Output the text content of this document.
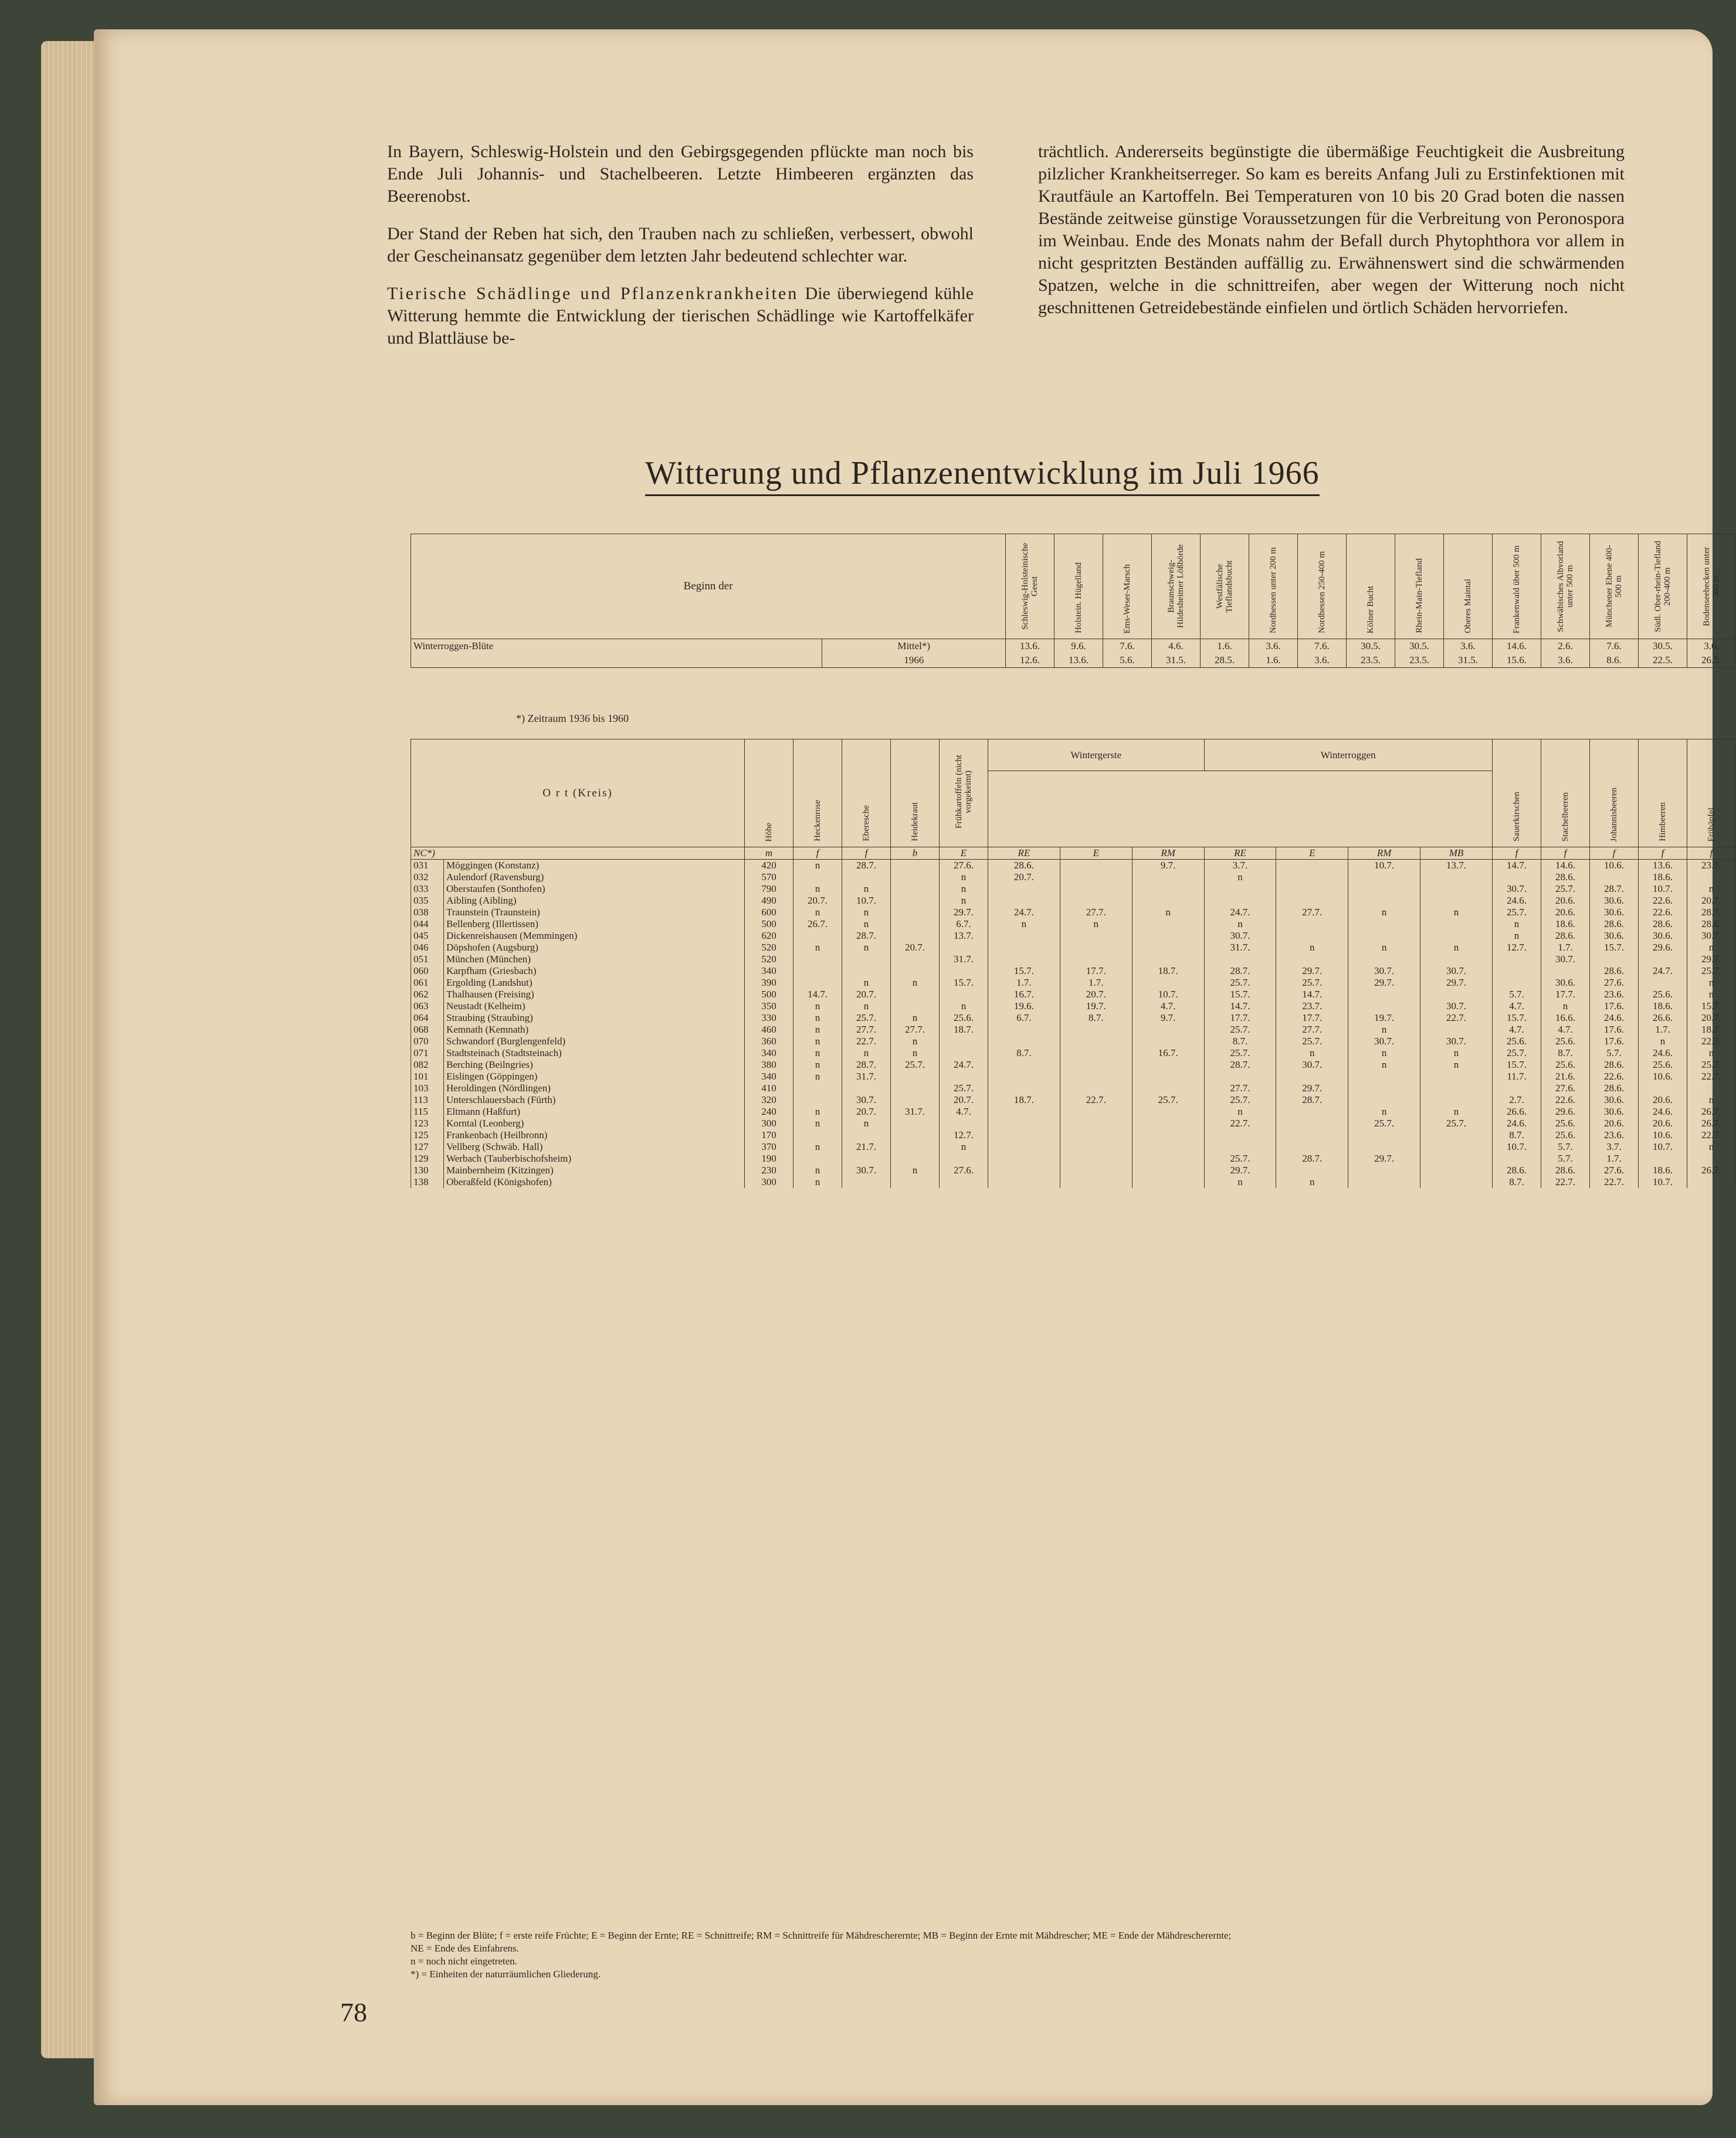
In Bayern, Schleswig-Holstein und den Gebirgsgegenden pflückte man noch bis Ende Juli Johannis- und Stachelbeeren. Letzte Himbeeren ergänzten das Beerenobst.

Der Stand der Reben hat sich, den Trauben nach zu schließen, verbessert, obwohl der Gescheinansatz gegenüber dem letzten Jahr bedeutend schlechter war.

Tierische Schädlinge und Pflanzenkrankheiten Die überwiegend kühle Witterung hemmte die Entwicklung der tierischen Schädlinge wie Kartoffelkäfer und Blattläuse be-

trächtlich. Andererseits begünstigte die übermäßige Feuchtigkeit die Ausbreitung pilzlicher Krankheitserreger. So kam es bereits Anfang Juli zu Erstinfektionen mit Krautfäule an Kartoffeln. Bei Temperaturen von 10 bis 20 Grad boten die nassen Bestände zeitweise günstige Voraussetzungen für die Verbreitung von Peronospora im Weinbau. Ende des Monats nahm der Befall durch Phytophthora vor allem in nicht gespritzten Beständen auffällig zu. Erwähnenswert sind die schwärmenden Spatzen, welche in die schnittreifen, aber wegen der Witterung noch nicht geschnittenen Getreidebestände einfielen und örtlich Schäden hervorriefen.

Witterung und Pflanzenentwicklung im Juli 1966
Beginn der		Schleswig-Holsteinische Geest	Holstein. Hügelland	Ems-Weser-Marsch	Braunschweig-Hildesheimer Lößbörde	Westfälische Tieflandsbucht	Nordhessen unter 200 m	Nordhessen 250-400 m	Kölner Bucht	Rhein-Main-Tiefland	Oberes Maintal	Frankenwald über 500 m	Schwäbisches Albvorland unter 500 m	Münchener Ebene 400-500 m	Südl. Ober-rhein-Tiefland 200-400 m	Bodenseebecken unter 500 m
Winterroggen-Blüte	Mittel*)	13.6.	9.6.	7.6.	4.6.	1.6.	3.6.	7.6.	30.5.	30.5.	3.6.	14.6.	2.6.	7.6.	30.5.	3.6.
	1966	12.6.	13.6.	5.6.	31.5.	28.5.	1.6.	3.6.	23.5.	23.5.	31.5.	15.6.	3.6.	8.6.	22.5.	26.5.
*) Zeitraum 1936 bis 1960
O r t (Kreis)		Höhe	Heckenrose	Eberesche	Heidekraut	Frühkartoffeln (nicht vorgekeimt)	Wintergerste			Winterroggen				Sauerkirschen	Stachelbeeren	Johannisbeeren	Himbeeren	Frühäpfel

NC*)		m	f	f	b	E	RE	E	RM	RE	E	RM	MB	f	f	f	f	f
031	Möggingen (Konstanz)	420	n	28.7.		27.6.	28.6.		9.7.	3.7.		10.7.	13.7.	14.7.	14.6.	10.6.	13.6.	23.7.
032	Aulendorf (Ravensburg)	570				n	20.7.			n					28.6.		18.6.	
033	Oberstaufen (Sonthofen)	790	n	n		n								30.7.	25.7.	28.7.	10.7.	n
035	Aibling (Aibling)	490	20.7.	10.7.		n								24.6.	20.6.	30.6.	22.6.	20.7.
038	Traunstein (Traunstein)	600	n	n		29.7.	24.7.	27.7.	n	24.7.	27.7.	n	n	25.7.	20.6.	30.6.	22.6.	28.7.
044	Bellenberg (Illertissen)	500	26.7.	n		6.7.	n	n		n				n	18.6.	28.6.	28.6.	28.6.
045	Dickenreishausen (Memmingen)	620		28.7.		13.7.				30.7.				n	28.6.	30.6.	30.6.	30.7.
046	Döpshofen (Augsburg)	520	n	n	20.7.					31.7.	n	n	n	12.7.	1.7.	15.7.	29.6.	n
051	München (München)	520				31.7.									30.7.			29.7.
060	Karpfham (Griesbach)	340					15.7.	17.7.	18.7.	28.7.	29.7.	30.7.	30.7.			28.6.	24.7.	25.7.
061	Ergolding (Landshut)	390		n	n	15.7.	1.7.	1.7.		25.7.	25.7.	29.7.	29.7.		30.6.	27.6.		n
062	Thalhausen (Freising)	500	14.7.	20.7.			16.7.	20.7.	10.7.	15.7.	14.7.			5.7.	17.7.	23.6.	25.6.	n
063	Neustadt (Kelheim)	350	n	n		n	19.6.	19.7.	4.7.	14.7.	23.7.		30.7.	4.7.	n	17.6.	18.6.	15.7.
064	Straubing (Straubing)	330	n	25.7.	n	25.6.	6.7.	8.7.	9.7.	17.7.	17.7.	19.7.	22.7.	15.7.	16.6.	24.6.	26.6.	20.7.
068	Kemnath (Kemnath)	460	n	27.7.	27.7.	18.7.				25.7.	27.7.	n		4.7.	4.7.	17.6.	1.7.	18.7.
070	Schwandorf (Burglengenfeld)	360	n	22.7.	n					8.7.	25.7.	30.7.	30.7.	25.6.	25.6.	17.6.	n	22.7.
071	Stadtsteinach (Stadtsteinach)	340	n	n	n		8.7.		16.7.	25.7.	n	n	n	25.7.	8.7.	5.7.	24.6.	n
082	Berching (Beilngries)	380	n	28.7.	25.7.	24.7.				28.7.	30.7.	n	n	15.7.	25.6.	28.6.	25.6.	25.7.
101	Eislingen (Göppingen)	340	n	31.7.										11.7.	21.6.	22.6.	10.6.	22.7.
103	Heroldingen (Nördlingen)	410				25.7.				27.7.	29.7.				27.6.	28.6.		
113	Unterschlauersbach (Fürth)	320		30.7.		20.7.	18.7.	22.7.	25.7.	25.7.	28.7.			2.7.	22.6.	30.6.	20.6.	n
115	Eltmann (Haßfurt)	240	n	20.7.	31.7.	4.7.				n		n	n	26.6.	29.6.	30.6.	24.6.	26.7.
123	Korntal (Leonberg)	300	n	n						22.7.		25.7.	25.7.	24.6.	25.6.	20.6.	20.6.	26.7.
125	Frankenbach (Heilbronn)	170				12.7.								8.7.	25.6.	23.6.	10.6.	22.7.
127	Vellberg (Schwäb. Hall)	370	n	21.7.		n								10.7.	5.7.	3.7.	10.7.	n
129	Werbach (Tauberbischofsheim)	190								25.7.	28.7.	29.7.			5.7.	1.7.		
130	Mainbernheim (Kitzingen)	230	n	30.7.	n	27.6.				29.7.				28.6.	28.6.	27.6.	18.6.	26.7.
138	Oberaßfeld (Königshofen)	300	n							n	n			8.7.	22.7.	22.7.	10.7.	
b = Beginn der Blüte; f = erste reife Früchte; E = Beginn der Ernte; RE = Schnittreife; RM = Schnittreife für Mähdrescherernte; MB = Beginn der Ernte mit Mähdrescher; ME = Ende der Mähdrescherernte;
NE = Ende des Einfahrens.
n = noch nicht eingetreten.
*) = Einheiten der naturräumlichen Gliederung.
78
